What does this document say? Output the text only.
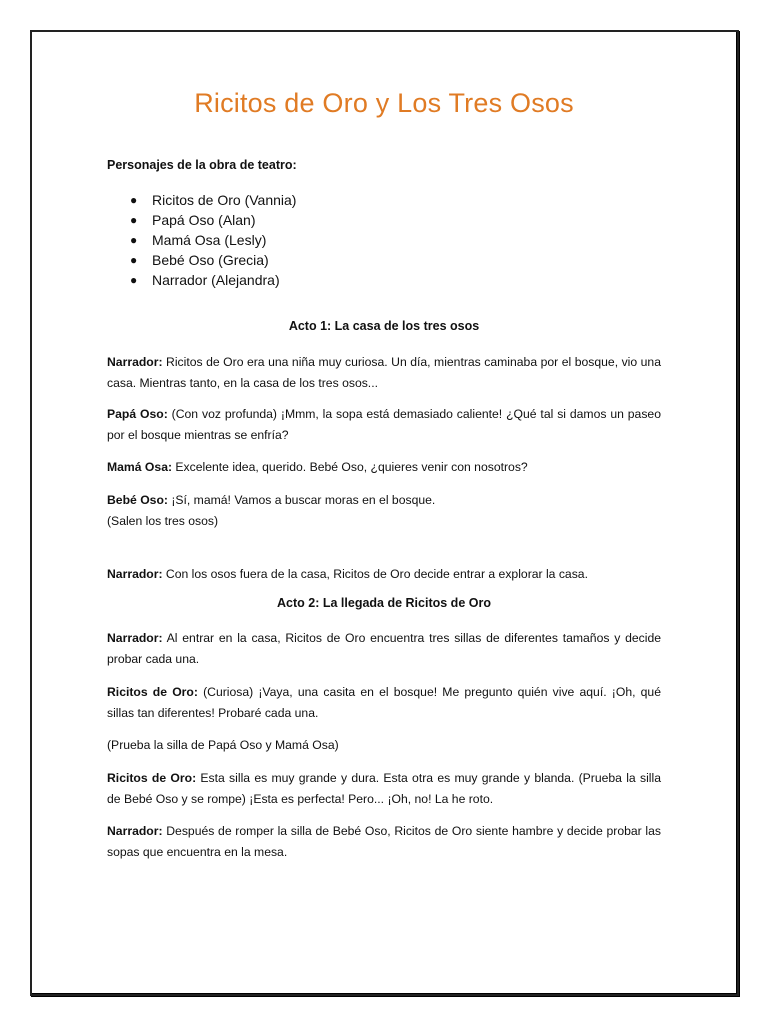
Ricitos de Oro y Los Tres Osos
Personajes de la obra de teatro:
● Ricitos de Oro (Vannia)
● Papá Oso (Alan)
● Mamá Osa (Lesly)
● Bebé Oso (Grecia)
● Narrador (Alejandra)
Acto 1: La casa de los tres osos

Narrador: Ricitos de Oro era una niña muy curiosa. Un día, mientras caminaba por el bosque, vio una casa. Mientras tanto, en la casa de los tres osos...

Papá Oso: (Con voz profunda) ¡Mmm, la sopa está demasiado caliente! ¿Qué tal si damos un paseo por el bosque mientras se enfría?

Mamá Osa: Excelente idea, querido. Bebé Oso, ¿quieres venir con nosotros?

Bebé Oso: ¡Sí, mamá! Vamos a buscar moras en el bosque.

(Salen los tres osos)

Narrador: Con los osos fuera de la casa, Ricitos de Oro decide entrar a explorar la casa.

Acto 2: La llegada de Ricitos de Oro

Narrador: Al entrar en la casa, Ricitos de Oro encuentra tres sillas de diferentes tamaños y decide probar cada una.

Ricitos de Oro: (Curiosa) ¡Vaya, una casita en el bosque! Me pregunto quién vive aquí. ¡Oh, qué sillas tan diferentes! Probaré cada una.

(Prueba la silla de Papá Oso y Mamá Osa)

Ricitos de Oro: Esta silla es muy grande y dura. Esta otra es muy grande y blanda. (Prueba la silla de Bebé Oso y se rompe) ¡Esta es perfecta! Pero... ¡Oh, no! La he roto.

Narrador: Después de romper la silla de Bebé Oso, Ricitos de Oro siente hambre y decide probar las sopas que encuentra en la mesa.
